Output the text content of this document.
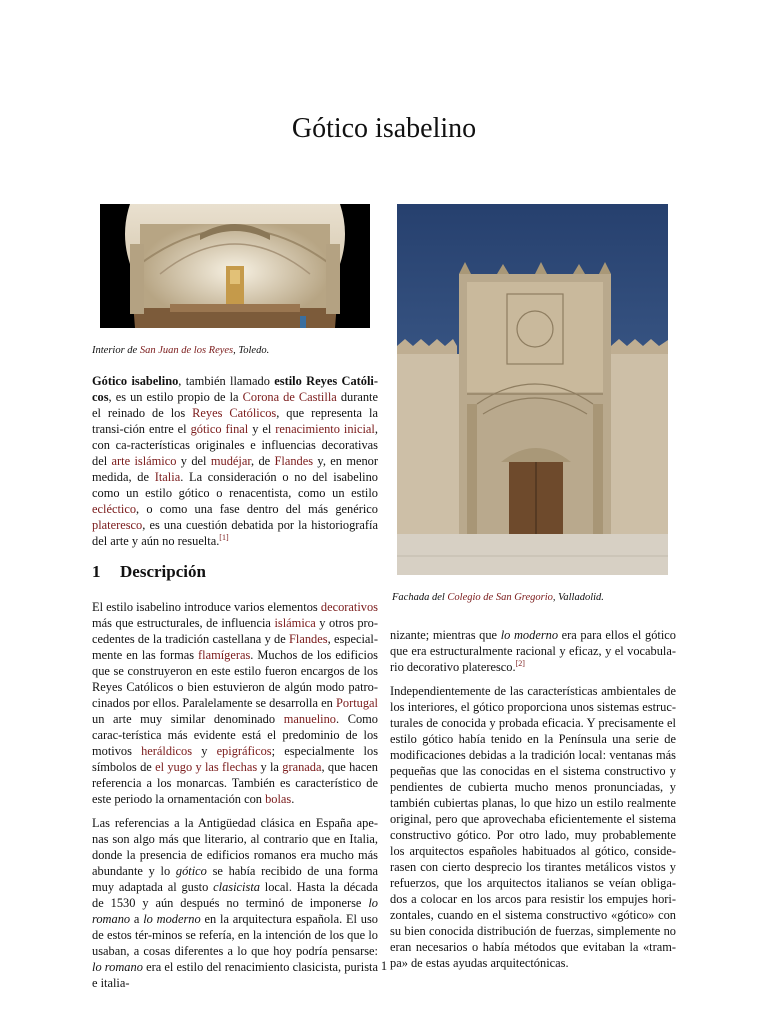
Gótico isabelino
Interior de San Juan de los Reyes, Toledo.
Fachada del Colegio de San Gregorio, Valladolid.
Gótico isabelino, también llamado estilo Reyes Católi-cos, es un estilo propio de la Corona de Castilla durante el reinado de los Reyes Católicos, que representa la transi-ción entre el gótico final y el renacimiento inicial, con ca-racterísticas originales e influencias decorativas del arte islámico y del mudéjar, de Flandes y, en menor medida, de Italia. La consideración o no del isabelino como un estilo gótico o renacentista, como un estilo ecléctico, o como una fase dentro del más genérico plateresco, es una cuestión debatida por la historiografía del arte y aún no resuelta.[1]
1 Descripción

El estilo isabelino introduce varios elementos decorativos más que estructurales, de influencia islámica y otros pro-cedentes de la tradición castellana y de Flandes, especial-mente en las formas flamígeras. Muchos de los edificios que se construyeron en este estilo fueron encargos de los Reyes Católicos o bien estuvieron de algún modo patro-cinados por ellos. Paralelamente se desarrolla en Portugal un arte muy similar denominado manuelino. Como carac-terística más evidente está el predominio de los motivos heráldicos y epigráficos; especialmente los símbolos de el yugo y las flechas y la granada, que hacen referencia a los monarcas. También es característico de este periodo la ornamentación con bolas.

Las referencias a la Antigüedad clásica en España ape-nas son algo más que literario, al contrario que en Italia, donde la presencia de edificios romanos era mucho más abundante y lo gótico se había recibido de una forma muy adaptada al gusto clasicista local. Hasta la década de 1530 y aún después no terminó de imponerse lo romano a lo moderno en la arquitectura española. El uso de estos tér-minos se refería, en la intención de los que lo usaban, a cosas diferentes a lo que hoy podría pensarse: lo romano era el estilo del renacimiento clasicista, purista e italia-

nizante; mientras que lo moderno era para ellos el gótico que era estructuralmente racional y eficaz, y el vocabula-rio decorativo plateresco.[2]

Independientemente de las características ambientales de los interiores, el gótico proporciona unos sistemas estruc-turales de conocida y probada eficacia. Y precisamente el estilo gótico había tenido en la Península una serie de modificaciones debidas a la tradición local: ventanas más pequeñas que las conocidas en el sistema constructivo y pendientes de cubierta mucho menos pronunciadas, y también cubiertas planas, lo que hizo un estilo realmente original, pero que aprovechaba eficientemente el sistema constructivo gótico. Por otro lado, muy probablemente los arquitectos españoles habituados al gótico, conside-rasen con cierto desprecio los tirantes metálicos vistos y refuerzos, que los arquitectos italianos se veían obliga-dos a colocar en los arcos para resistir los empujes hori-zontales, cuando en el sistema constructivo «gótico» con su bien conocida distribución de fuerzas, simplemente no eran necesarios o había métodos que evitaban la «tram-pa» de estas ayudas arquitectónicas.

1
